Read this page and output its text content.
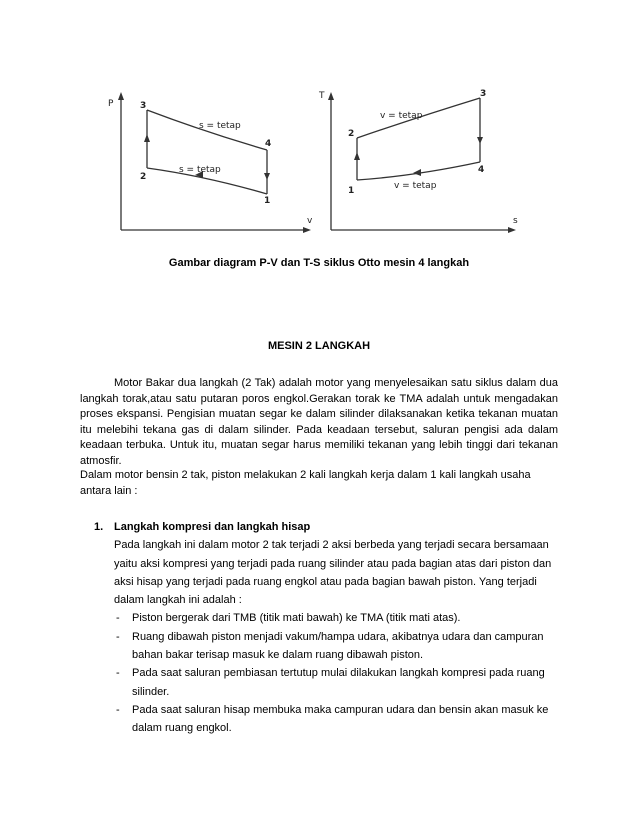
P
v
3
2
1
4
s = tetap
s = tetap
T
s
1
2
3
4
v = tetap
v = tetap
Gambar diagram P-V dan T-S siklus Otto mesin 4 langkah
MESIN 2 LANGKAH

Motor Bakar dua langkah (2 Tak) adalah motor yang menyelesaikan satu siklus dalam dua langkah torak,atau satu putaran poros engkol.Gerakan torak ke TMA adalah untuk mengadakan proses ekspansi. Pengisian muatan segar ke dalam silinder dilaksanakan ketika tekanan muatan itu melebihi tekana gas di dalam silinder. Pada keadaan tersebut, saluran pengisi ada dalam keadaan terbuka. Untuk itu, muatan segar harus memiliki tekanan yang lebih tinggi dari tekanan atmosfir.

Dalam motor bensin 2 tak, piston melakukan 2 kali langkah kerja dalam 1 kali langkah usaha antara lain :

1. Langkah kompresi dan langkah hisap

Pada langkah ini dalam motor 2 tak terjadi 2 aksi berbeda yang terjadi secara bersamaan yaitu aksi kompresi yang terjadi pada ruang silinder atau pada bagian atas dari piston dan aksi hisap yang terjadi pada ruang engkol atau pada bagian bawah piston. Yang terjadi dalam langkah ini adalah :

- Piston bergerak dari TMB (titik mati bawah) ke TMA (titik mati atas).
- Ruang dibawah piston menjadi vakum/hampa udara, akibatnya udara dan campuran bahan bakar terisap masuk ke dalam ruang dibawah piston.
- Pada saat saluran pembiasan tertutup mulai dilakukan langkah kompresi pada ruang silinder.
- Pada saat saluran hisap membuka maka campuran udara dan bensin akan masuk ke dalam ruang engkol.
